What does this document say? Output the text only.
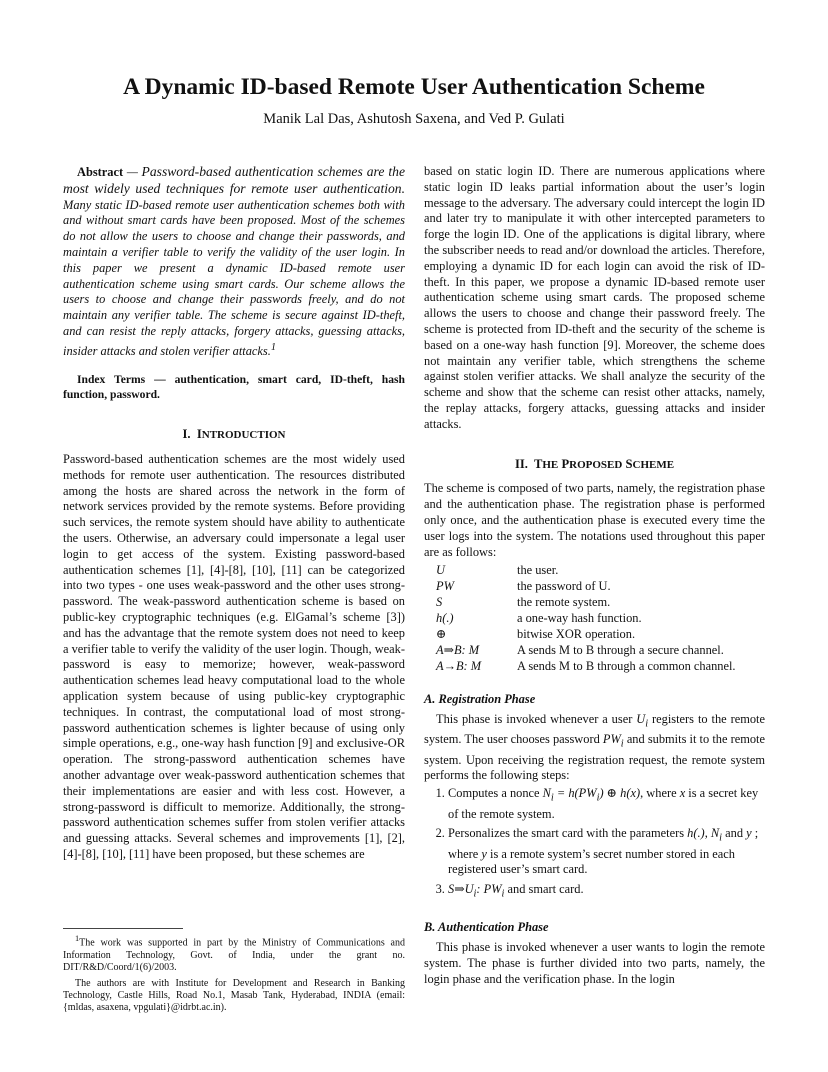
A Dynamic ID-based Remote User Authentication Scheme

Manik Lal Das, Ashutosh Saxena, and Ved P. Gulati

Abstract — Password-based authentication schemes are the most widely used techniques for remote user authentication. Many static ID-based remote user authentication schemes both with and without smart cards have been proposed. Most of the schemes do not allow the users to choose and change their passwords, and maintain a verifier table to verify the validity of the user login. In this paper we present a dynamic ID-based remote user authentication scheme using smart cards. Our scheme allows the users to choose and change their passwords freely, and do not maintain any verifier table. The scheme is secure against ID-theft, and can resist the reply attacks, forgery attacks, guessing attacks, insider attacks and stolen verifier attacks.$^1$

Index Terms — authentication, smart card, ID-theft, hash function, password.

I. INTRODUCTION

Password-based authentication schemes are the most widely used methods for remote user authentication. The resources distributed among the hosts are shared across the network in the form of network services provided by the remote systems. Before providing such services, the remote system should have ability to authenticate the users. Otherwise, an adversary could impersonate a legal user login to get access of the system. Existing password-based authentication schemes [1], [4]-[8], [10], [11] can be categorized into two types - one uses weak-password and the other uses strong-password. The weak-password authentication scheme is based on public-key cryptographic techniques (e.g. ElGamal’s scheme [3]) and has the advantage that the remote system does not need to keep a verifier table to verify the validity of the user login. Though, weak-password is easy to memorize; however, weak-password authentication schemes lead heavy computational load to the whole application system because of using public-key cryptographic techniques. In contrast, the computational load of most strong-password authentication schemes is lighter because of using only simple operations, e.g., one-way hash function [9] and exclusive-OR operation. The strong-password authentication schemes have another advantage over weak-password authentication schemes that their implementations are easier and with less cost. However, a strong-password is difficult to memorize. Additionally, the strong-password authentication schemes suffer from stolen verifier attacks and guessing attacks. Several schemes and improvements [1], [2], [4]-[8], [10], [11] have been proposed, but these schemes are

$^1$The work was supported in part by the Ministry of Communications and Information Technology, Govt. of India, under the grant no. DIT/R&D/Coord/1(6)/2003.

The authors are with Institute for Development and Research in Banking Technology, Castle Hills, Road No.1, Masab Tank, Hyderabad, INDIA (email: {mldas, asaxena, vpgulati}@idrbt.ac.in).

based on static login ID. There are numerous applications where static login ID leaks partial information about the user’s login message to the adversary. The adversary could intercept the login ID and later try to manipulate it with other intercepted parameters to forge the login ID. One of the applications is digital library, where the subscriber needs to read and/or download the articles. Therefore, employing a dynamic ID for each login can avoid the risk of ID-theft. In this paper, we propose a dynamic ID-based remote user authentication scheme using smart cards. The proposed scheme allows the users to choose and change their password freely. The scheme is protected from ID-theft and the security of the scheme is based on a one-way hash function [9]. Moreover, the scheme does not maintain any verifier table, which strengthens the scheme against stolen verifier attacks. We shall analyze the security of the scheme and show that the scheme can resist other attacks, namely, the replay attacks, forgery attacks, guessing attacks and insider attacks.

II. THE PROPOSED SCHEME

The scheme is composed of two parts, namely, the registration phase and the authentication phase. The registration phase is performed only once, and the authentication phase is executed every time the user logs into the system. The notations used throughout this paper are as follows:

U	the user.
PW	the password of U.
S	the remote system.
h(.)	a one-way hash function.
⊕	bitwise XOR operation.
A⇒B: M	A sends M to B through a secure channel.
A→B: M	A sends M to B through a common channel.
A. Registration Phase

This phase is invoked whenever a user $U_i$ registers to the remote system. The user chooses password $PW_i$ and submits it to the remote system. Upon receiving the registration request, the remote system performs the following steps:

1. Computes a nonce $N_i = h(PW_i)$ ⊕ h(x), where x is a secret key of the remote system.
2. Personalizes the smart card with the parameters h(.), $N_i$ and y ; where y is a remote system’s secret number stored in each registered user’s smart card.
3. $S\Rightarrow U_i$: $PW_i$ and smart card.
B. Authentication Phase

This phase is invoked whenever a user wants to login the remote system. The phase is further divided into two parts, namely, the login phase and the verification phase. In the login
